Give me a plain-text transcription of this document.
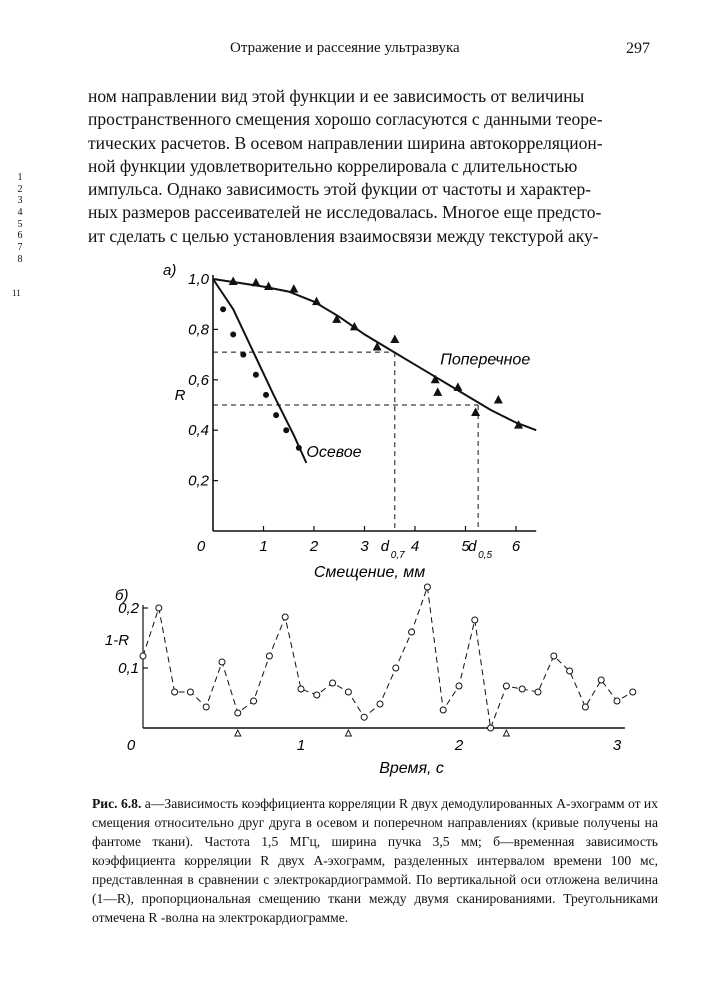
Отражение и рассеяние ультразвука	297
ном направлении вид этой функции и ее зависимость от величины
пространственного смещения хорошо согласуются с данными теоре-
тических расчетов. В осевом направлении ширина автокорреляцион-
ной функции удовлетворительно коррелировала с длительностью
импульса. Однако зависимость этой фукции от частоты и характер-
ных размеров рассеивателей не исследовалась. Многое еще предсто-
ит сделать с целью установления взаимосвязи между текстурой аку-
1
2
3
4
5
6
7
8
11
0,2
0,4
0,6
0,8
1,0
0	1	2	3	4	5	6
R
Смещение, мм
а)
d
0,7
d
0,5
Поперечное
Осевое
0,1
0,2
0	1	2	3
1-R
Время, с
б)
Рис. 6.8. а—Зависимость коэффициента корреляции R двух демодулированных А-эхограмм от их смещения относительно друг друга в осевом и поперечном направлениях (кривые получены на фантоме ткани). Частота 1,5 МГц, ширина пучка 3,5 мм; б—временная зависимость коэффициента корреляции R двух А-эхограмм, разделенных интервалом времени 100 мс, представленная в сравнении с электрокардиограммой. По вертикальной оси отложена величина (1—R), пропорциональная смещению ткани между двумя сканированиями. Треугольниками отмечена R -волна на электрокардиограмме.
